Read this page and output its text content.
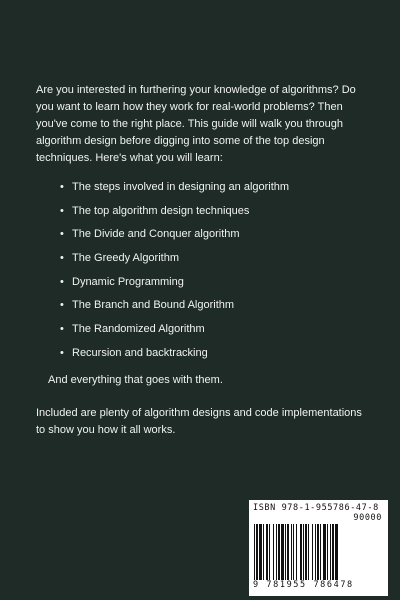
Are you interested in furthering your knowledge of algorithms? Do you want to learn how they work for real-world problems? Then you've come to the right place. This guide will walk you through algorithm design before digging into some of the top design techniques. Here's what you will learn:

• The steps involved in designing an algorithm
• The top algorithm design techniques
• The Divide and Conquer algorithm
• The Greedy Algorithm
• Dynamic Programming
• The Branch and Bound Algorithm
• The Randomized Algorithm
• Recursion and backtracking

And everything that goes with them.

Included are plenty of algorithm designs and code implementations to show you how it all works.

ISBN 978-1-955786-47-8
90000
9 781955 786478
